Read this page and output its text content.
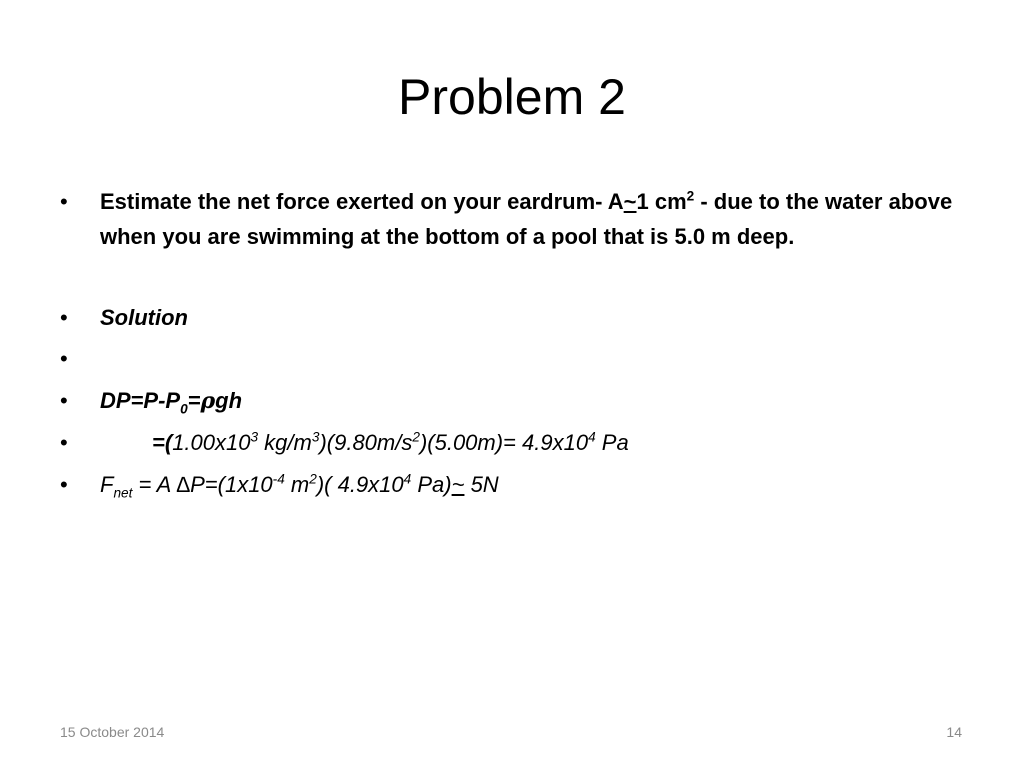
Problem 2
•	Estimate the net force exerted on your eardrum- A~1 $cm^2$ - due to the water above when you are swimming at the bottom of a pool that is 5.0 m deep.
•	Solution
•
•	$DP=P-P_0=\rho gh$
•	$=(1.00x10^3$ $kg/m^3)(9.80m/s^2)(5.00m)= 4.9x10^4$ Pa
•	$F_{net} = A$ $\Delta P=(1x10^{-4}$ $m^2$)( $4.9x10^4$ Pa)~ 5N
15 October 2014	14
